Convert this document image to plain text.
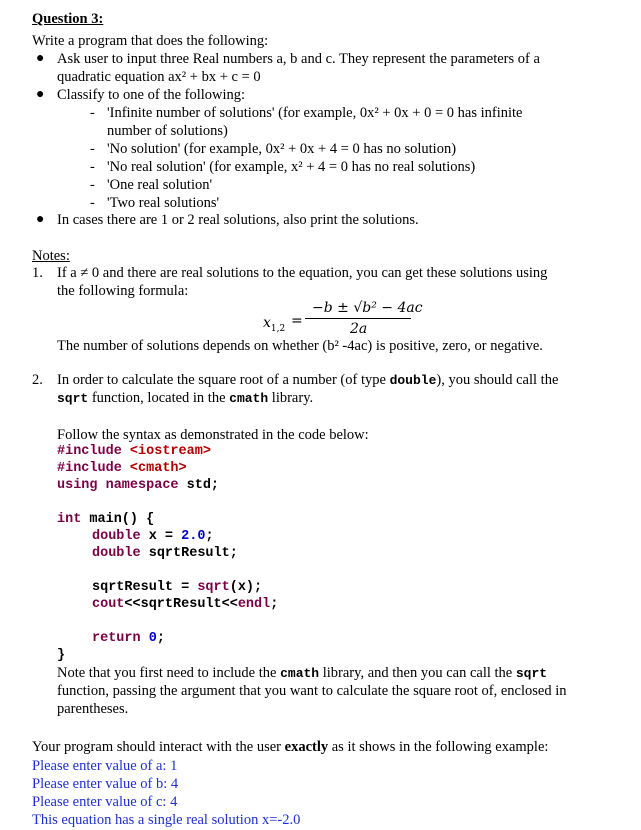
Question 3:
Write a program that does the following:
● Ask user to input three Real numbers a, b and c. They represent the parameters of a
quadratic equation ax² + bx + c = 0
● Classify to one of the following:
- 'Infinite number of solutions' (for example, 0x² + 0x + 0 = 0 has infinite
number of solutions)
- 'No solution' (for example, 0x² + 0x + 4 = 0 has no solution)
- 'No real solution' (for example, x² + 4 = 0 has no real solutions)
- 'One real solution'
- 'Two real solutions'
● In cases there are 1 or 2 real solutions, also print the solutions.
Notes:
1. If a ≠ 0 and there are real solutions to the equation, you can get these solutions using
the following formula:
$x_{1,2}$ =
−b ± √b² − 4ac
2a
The number of solutions depends on whether (b² -4ac) is positive, zero, or negative.
2. In order to calculate the square root of a number (of type double), you should call the
sqrt function, located in the cmath library.
Follow the syntax as demonstrated in the code below:
#include <iostream>
#include <cmath>
using namespace std;
int main() {
double x = 2.0;
double sqrtResult;
sqrtResult = sqrt(x);
cout<<sqrtResult<<endl;
return 0;
}
Note that you first need to include the cmath library, and then you can call the sqrt
function, passing the argument that you want to calculate the square root of, enclosed in
parentheses.
Your program should interact with the user exactly as it shows in the following example:
Please enter value of a: 1
Please enter value of b: 4
Please enter value of c: 4
This equation has a single real solution x=-2.0
